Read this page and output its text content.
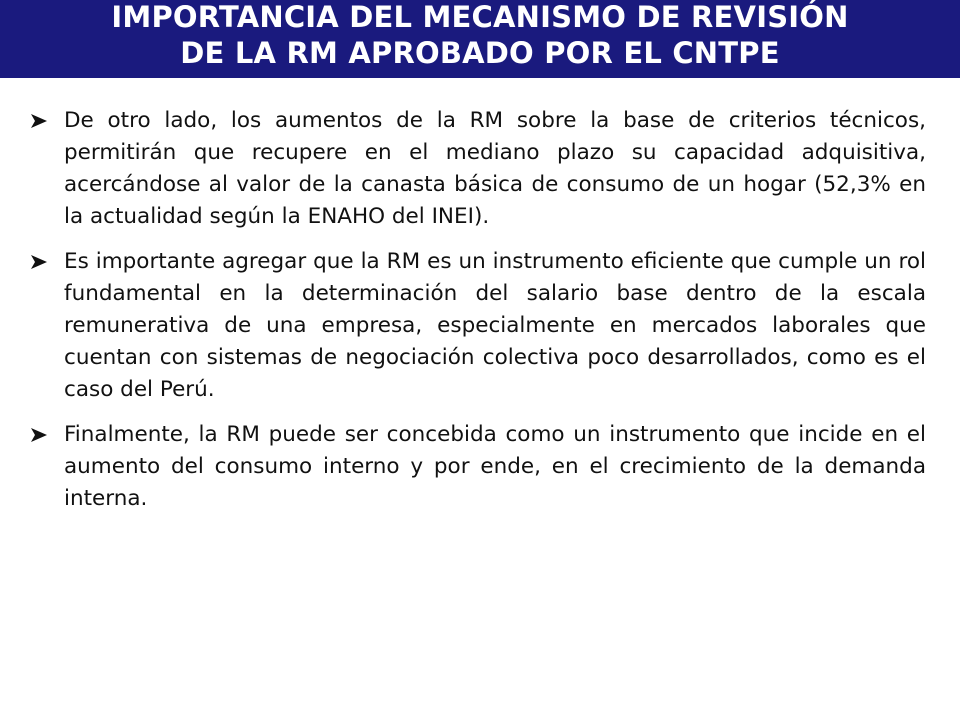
IMPORTANCIA DEL MECANISMO DE REVISIÓN
DE LA RM APROBADO POR EL CNTPE

De otro lado, los aumentos de la RM sobre la base de criterios técnicos, permitirán que recupere en el mediano plazo su capacidad adquisitiva, acercándose al valor de la canasta básica de consumo de un hogar (52,3% en la actualidad según la ENAHO del INEI).

Es importante agregar que la RM es un instrumento eficiente que cumple un rol fundamental en la determinación del salario base dentro de la escala remunerativa de una empresa, especialmente en mercados laborales que cuentan con sistemas de negociación colectiva poco desarrollados, como es el caso del Perú.

Finalmente, la RM puede ser concebida como un instrumento que incide en el aumento del consumo interno y por ende, en el crecimiento de la demanda interna.
